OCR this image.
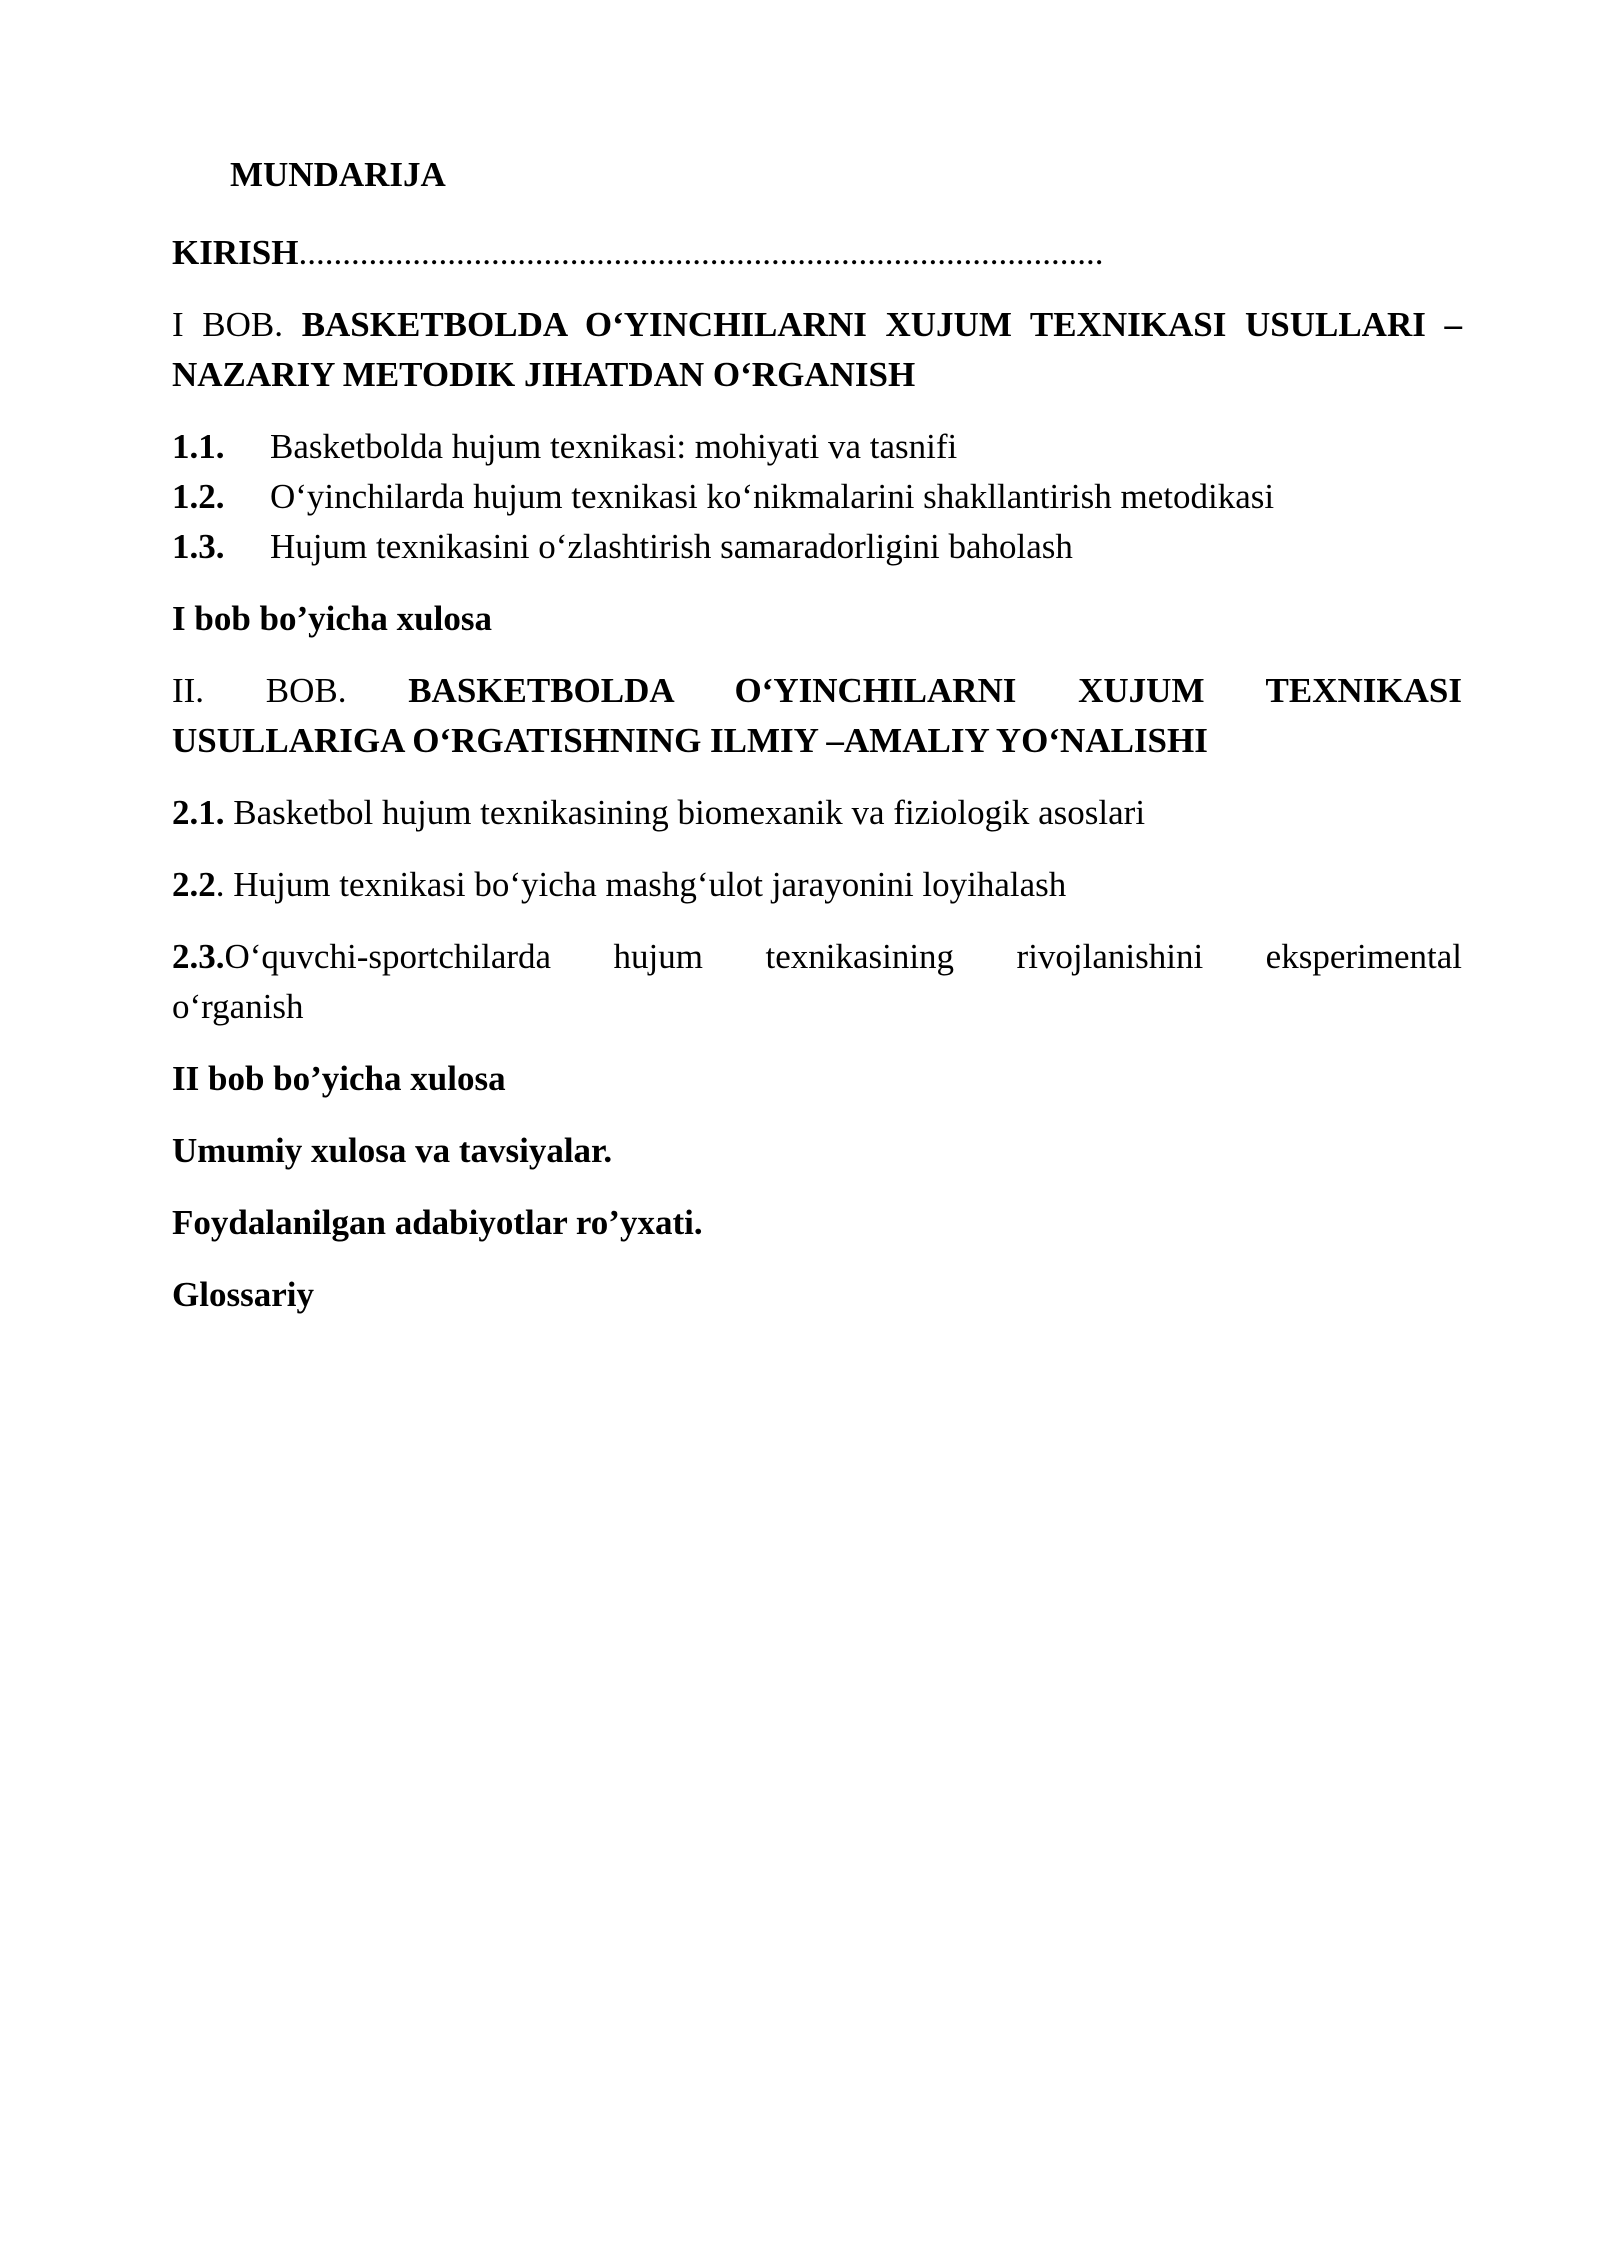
MUNDARIJA
KIRISH............................................................................................
I BOB. BASKETBOLDA O‘YINCHILARNI XUJUM TEXNIKASI USULLARI –NAZARIY METODIK JIHATDAN O‘RGANISH
1.1.	Basketbolda hujum texnikasi: mohiyati va tasnifi
1.2.	O‘yinchilarda hujum texnikasi ko‘nikmalarini shakllantirish metodikasi
1.3.	Hujum texnikasini o‘zlashtirish samaradorligini baholash
I bob bo’yicha xulosa
II. BOB. BASKETBOLDA O‘YINCHILARNI XUJUM TEXNIKASI
USULLARIGA O‘RGATISHNING ILMIY –AMALIY YO‘NALISHI
2.1. Basketbol hujum texnikasining biomexanik va fiziologik asoslari
2.2. Hujum texnikasi bo‘yicha mashg‘ulot jarayonini loyihalash
2.3.O‘quvchi-sportchilarda hujum texnikasining rivojlanishini eksperimental
o‘rganish
II bob bo’yicha xulosa
Umumiy xulosa va tavsiyalar.
Foydalanilgan adabiyotlar ro’yxati.
Glossariy
